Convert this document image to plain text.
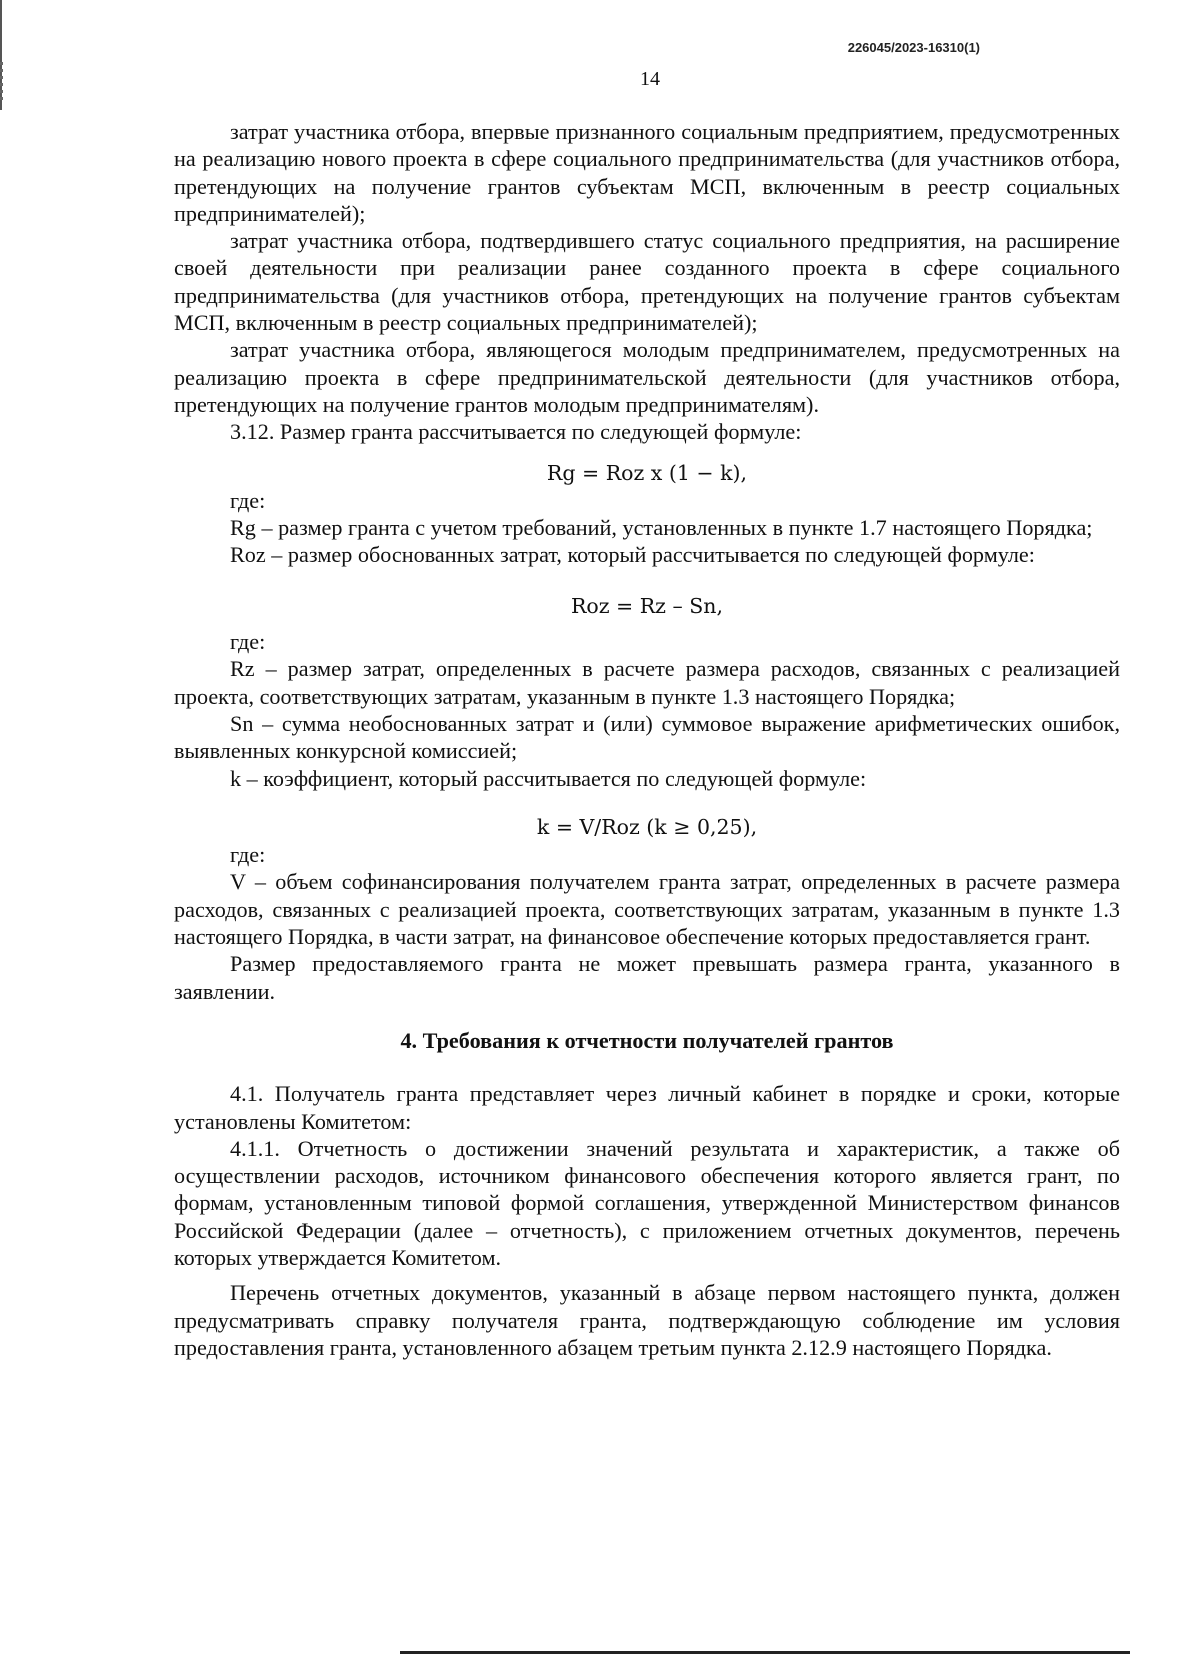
226045/2023-16310(1)
14

затрат участника отбора, впервые признанного социальным предприятием, предусмотренных на реализацию нового проекта в сфере социального предпринимательства (для участников отбора, претендующих на получение грантов субъектам МСП, включенным в реестр социальных предпринимателей);

затрат участника отбора, подтвердившего статус социального предприятия, на расширение своей деятельности при реализации ранее созданного проекта в сфере социального предпринимательства (для участников отбора, претендующих на получение грантов субъектам МСП, включенным в реестр социальных предпринимателей);

затрат участника отбора, являющегося молодым предпринимателем, предусмотренных на реализацию проекта в сфере предпринимательской деятельности (для участников отбора, претендующих на получение грантов молодым предпринимателям).

3.12. Размер гранта рассчитывается по следующей формуле:

Rg = Roz x (1 − k),

где:

Rg – размер гранта с учетом требований, установленных в пункте 1.7 настоящего Порядка;

Roz – размер обоснованных затрат, который рассчитывается по следующей формуле:

Roz = Rz – Sn,

где:

Rz – размер затрат, определенных в расчете размера расходов, связанных с реализацией проекта, соответствующих затратам, указанным в пункте 1.3 настоящего Порядка;

Sn – сумма необоснованных затрат и (или) суммовое выражение арифметических ошибок, выявленных конкурсной комиссией;

k – коэффициент, который рассчитывается по следующей формуле:

k = V/Roz (k ≥ 0,25),

где:

V – объем софинансирования получателем гранта затрат, определенных в расчете размера расходов, связанных с реализацией проекта, соответствующих затратам, указанным в пункте 1.3 настоящего Порядка, в части затрат, на финансовое обеспечение которых предоставляется грант.

Размер предоставляемого гранта не может превышать размера гранта, указанного в заявлении.

4. Требования к отчетности получателей грантов

4.1. Получатель гранта представляет через личный кабинет в порядке и сроки, которые установлены Комитетом:

4.1.1. Отчетность о достижении значений результата и характеристик, а также об осуществлении расходов, источником финансового обеспечения которого является грант, по формам, установленным типовой формой соглашения, утвержденной Министерством финансов Российской Федерации (далее – отчетность), с приложением отчетных документов, перечень которых утверждается Комитетом.

Перечень отчетных документов, указанный в абзаце первом настоящего пункта, должен предусматривать справку получателя гранта, подтверждающую соблюдение им условия предоставления гранта, установленного абзацем третьим пункта 2.12.9 настоящего Порядка.
